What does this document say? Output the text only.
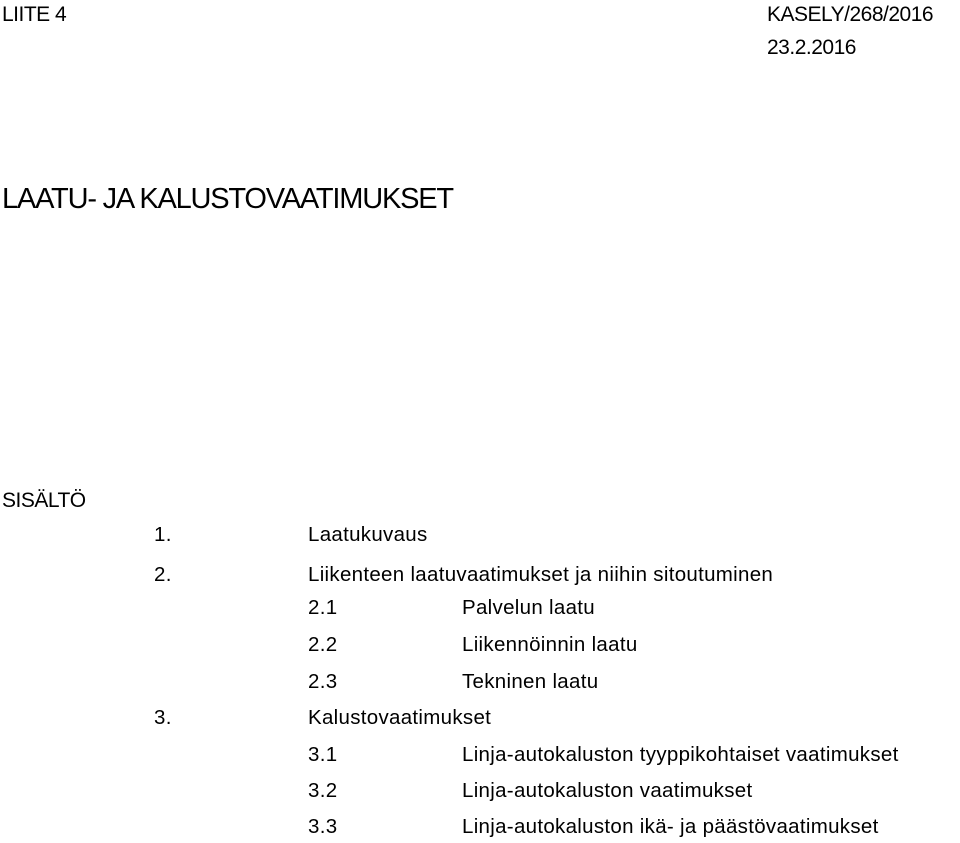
LIITE 4	KASELY/268/2016
23.2.2016
LAATU- JA KALUSTOVAATIMUKSET
SISÄLTÖ
1.	Laatukuvaus
2.	Liikenteen laatuvaatimukset ja niihin sitoutuminen
2.1	Palvelun laatu
2.2	Liikennöinnin laatu
2.3	Tekninen laatu
3.	Kalustovaatimukset
3.1	Linja-autokaluston tyyppikohtaiset vaatimukset
3.2	Linja-autokaluston vaatimukset
3.3	Linja-autokaluston ikä- ja päästövaatimukset
